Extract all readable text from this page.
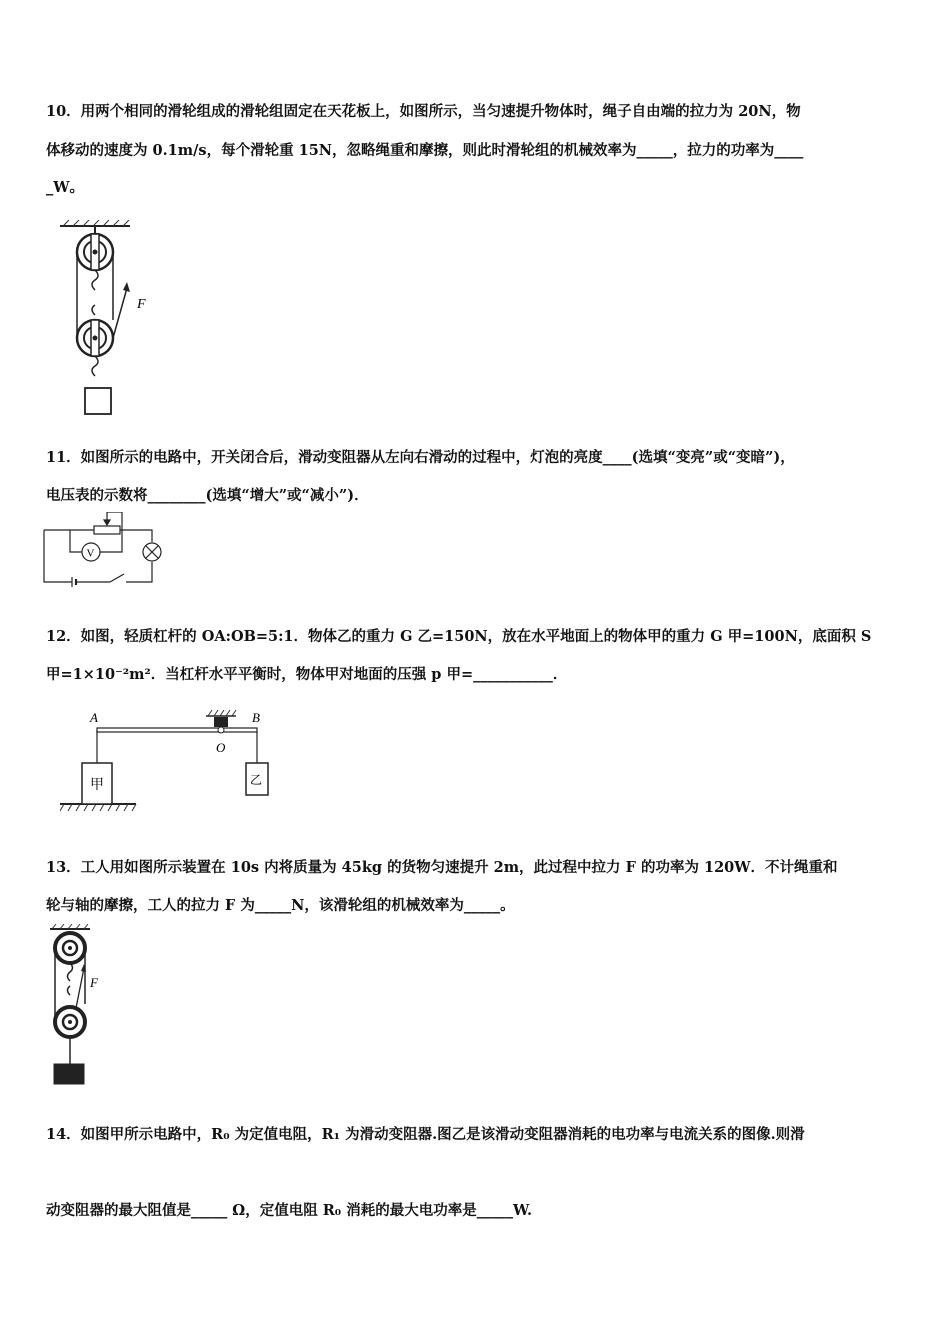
10．用两个相同的滑轮组成的滑轮组固定在天花板上，如图所示，当匀速提升物体时，绳子自由端的拉力为 20N，物
体移动的速度为 0.1m/s，每个滑轮重 15N，忽略绳重和摩擦，则此时滑轮组的机械效率为_____，拉力的功率为____
_W。
F
11．如图所示的电路中，开关闭合后，滑动变阻器从左向右滑动的过程中，灯泡的亮度____(选填“变亮”或“变暗”)，
电压表的示数将________(选填“增大”或“减小”)．
V
12．如图，轻质杠杆的 OA:OB=5:1．物体乙的重力 G 乙=150N，放在水平地面上的物体甲的重力 G 甲=100N，底面积 S
甲=1×10⁻²m²．当杠杆水平平衡时，物体甲对地面的压强 p 甲=___________．
甲
A
O
B
乙
13．工人用如图所示装置在 10s 内将质量为 45kg 的货物匀速提升 2m，此过程中拉力 F 的功率为 120W．不计绳重和
轮与轴的摩擦，工人的拉力 F 为_____N，该滑轮组的机械效率为_____。
F
14．如图甲所示电路中，R₀ 为定值电阻，R₁ 为滑动变阻器.图乙是该滑动变阻器消耗的电功率与电流关系的图像.则滑
动变阻器的最大阻值是_____ Ω，定值电阻 R₀ 消耗的最大电功率是_____W.
